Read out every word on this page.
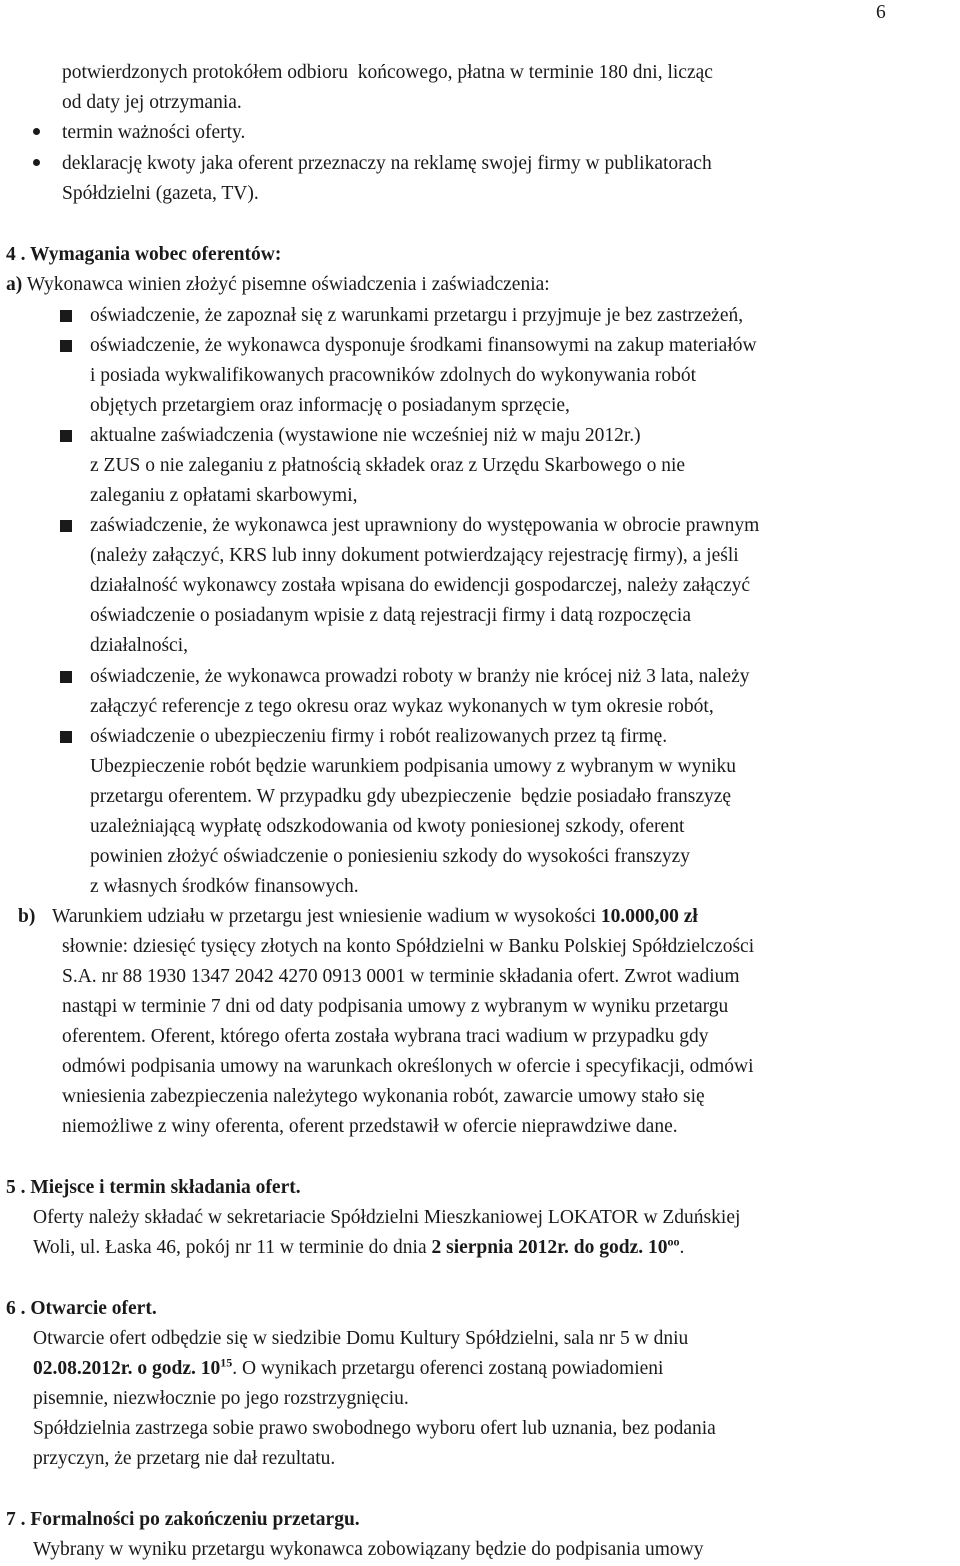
6
potwierdzonych protokółem odbioru  końcowego, płatna w terminie 180 dni, licząc
od daty jej otrzymania.
termin ważności oferty.
deklarację kwoty jaka oferent przeznaczy na reklamę swojej firmy w publikatorach
Spółdzielni (gazeta, TV).
4 . Wymagania wobec oferentów:
a) Wykonawca winien złożyć pisemne oświadczenia i zaświadczenia:
oświadczenie, że zapoznał się z warunkami przetargu i przyjmuje je bez zastrzeżeń,
oświadczenie, że wykonawca dysponuje środkami finansowymi na zakup materiałów
i posiada wykwalifikowanych pracowników zdolnych do wykonywania robót
objętych przetargiem oraz informację o posiadanym sprzęcie,
aktualne zaświadczenia (wystawione nie wcześniej niż w maju 2012r.)
z ZUS o nie zaleganiu z płatnością składek oraz z Urzędu Skarbowego o nie
zaleganiu z opłatami skarbowymi,
zaświadczenie, że wykonawca jest uprawniony do występowania w obrocie prawnym
(należy załączyć, KRS lub inny dokument potwierdzający rejestrację firmy), a jeśli
działalność wykonawcy została wpisana do ewidencji gospodarczej, należy załączyć
oświadczenie o posiadanym wpisie z datą rejestracji firmy i datą rozpoczęcia
działalności,
oświadczenie, że wykonawca prowadzi roboty w branży nie krócej niż 3 lata, należy
załączyć referencje z tego okresu oraz wykaz wykonanych w tym okresie robót,
oświadczenie o ubezpieczeniu firmy i robót realizowanych przez tą firmę.
Ubezpieczenie robót będzie warunkiem podpisania umowy z wybranym w wyniku
przetargu oferentem. W przypadku gdy ubezpieczenie  będzie posiadało franszyzę
uzależniającą wypłatę odszkodowania od kwoty poniesionej szkody, oferent
powinien złożyć oświadczenie o poniesieniu szkody do wysokości franszyzy
z własnych środków finansowych.
b) Warunkiem udziału w przetargu jest wniesienie wadium w wysokości 10.000,00 zł
słownie: dziesięć tysięcy złotych na konto Spółdzielni w Banku Polskiej Spółdzielczości
S.A. nr 88 1930 1347 2042 4270 0913 0001 w terminie składania ofert. Zwrot wadium
nastąpi w terminie 7 dni od daty podpisania umowy z wybranym w wyniku przetargu
oferentem. Oferent, którego oferta została wybrana traci wadium w przypadku gdy
odmówi podpisania umowy na warunkach określonych w ofercie i specyfikacji, odmówi
wniesienia zabezpieczenia należytego wykonania robót, zawarcie umowy stało się
niemożliwe z winy oferenta, oferent przedstawił w ofercie nieprawdziwe dane.
5 . Miejsce i termin składania ofert.
Oferty należy składać w sekretariacie Spółdzielni Mieszkaniowej LOKATOR w Zduńskiej
Woli, ul. Łaska 46, pokój nr 11 w terminie do dnia 2 sierpnia 2012r. do godz. $10^{oo}$.
6 . Otwarcie ofert.
Otwarcie ofert odbędzie się w siedzibie Domu Kultury Spółdzielni, sala nr 5 w dniu
02.08.2012r. o godz. $10^{15}$. O wynikach przetargu oferenci zostaną powiadomieni
pisemnie, niezwłocznie po jego rozstrzygnięciu.
Spółdzielnia zastrzega sobie prawo swobodnego wyboru ofert lub uznania, bez podania
przyczyn, że przetarg nie dał rezultatu.
7 . Formalności po zakończeniu przetargu.
Wybrany w wyniku przetargu wykonawca zobowiązany będzie do podpisania umowy
